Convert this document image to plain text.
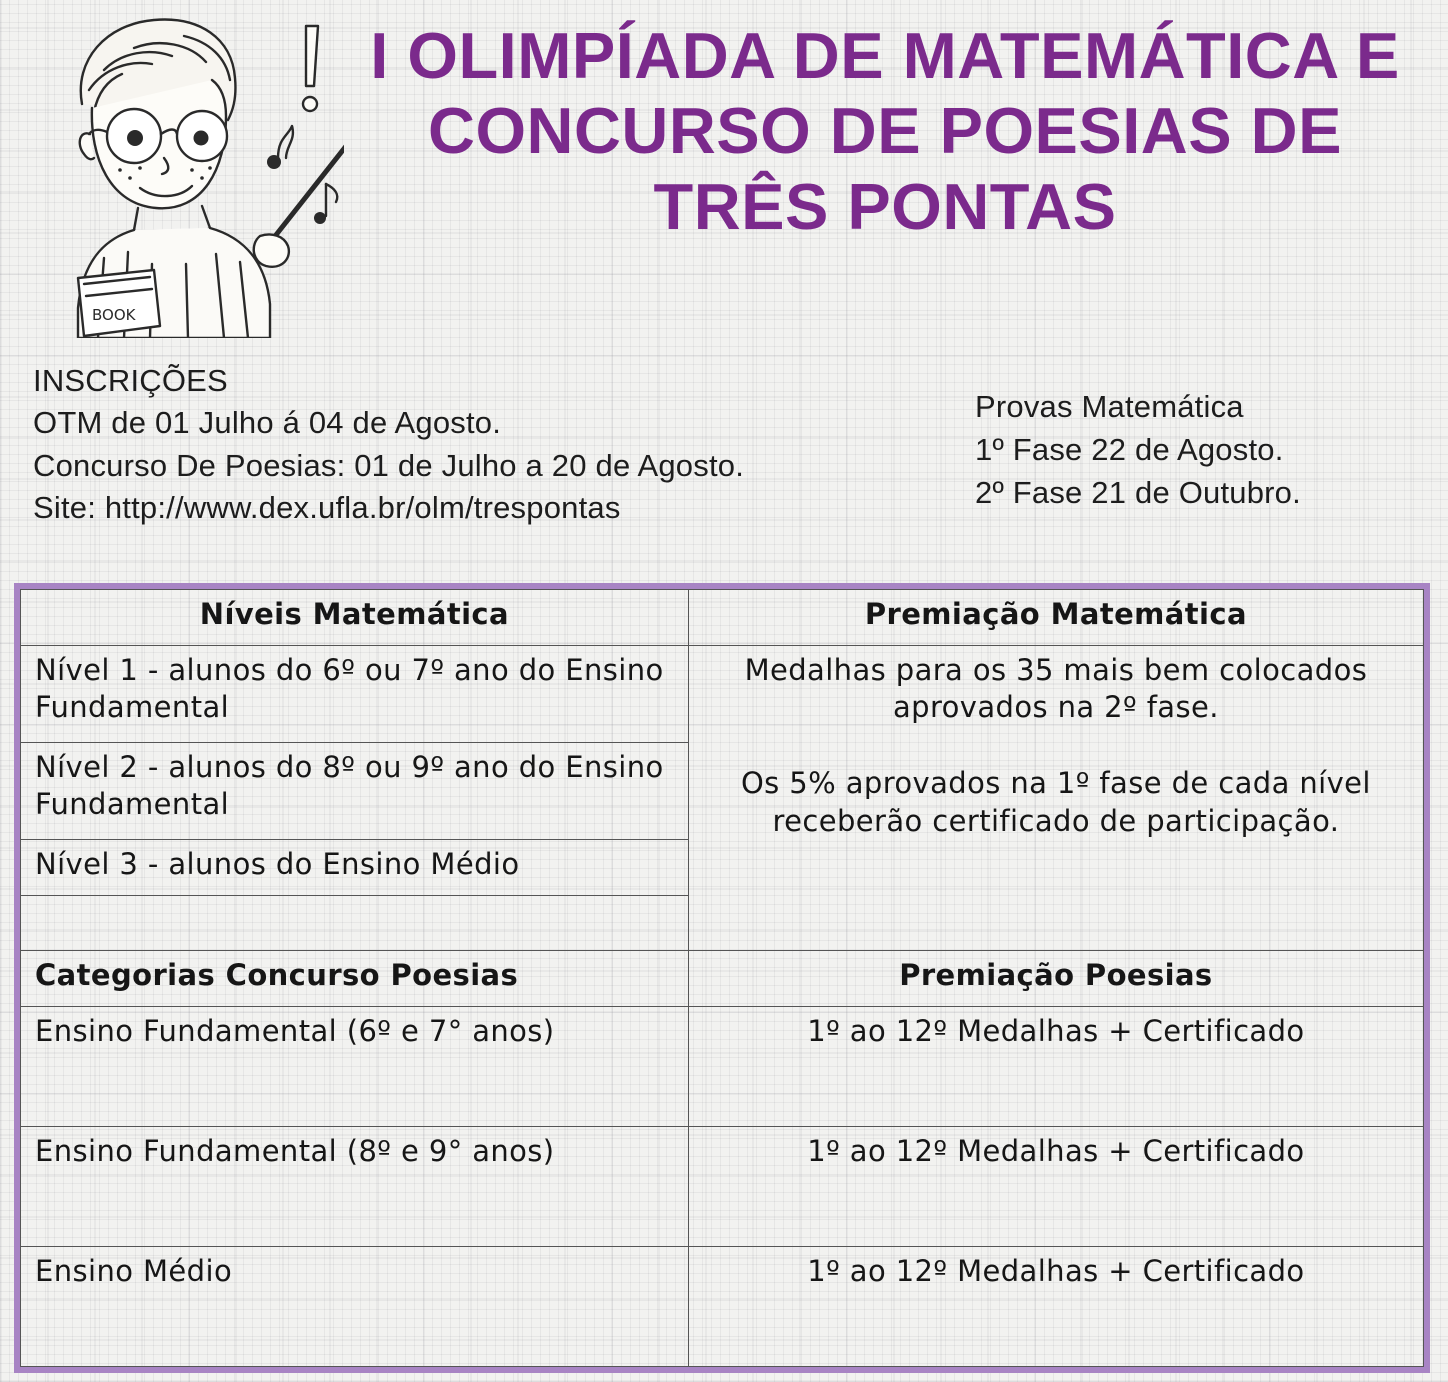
BOOK
I OLIMPÍADA DE MATEMÁTICA E
CONCURSO DE POESIAS DE
TRÊS PONTAS
INSCRIÇÕES
OTM de 01 Julho á 04 de Agosto.
Concurso De Poesias: 01 de Julho a 20 de Agosto.
Site: http://www.dex.ufla.br/olm/trespontas
Provas Matemática
1º Fase 22 de Agosto.
2º Fase 21 de Outubro.
Níveis Matemática	Premiação Matemática
Nível 1 - alunos do 6º ou 7º ano do Ensino Fundamental	Medalhas para os 35 mais bem colocados aprovados na 2º fase.
Os 5% aprovados na 1º fase de cada nível receberão certificado de participação.
Nível 2 - alunos do 8º ou 9º ano do Ensino Fundamental	
Nível 3 - alunos do Ensino Médio	

Categorias Concurso Poesias	Premiação Poesias
Ensino Fundamental (6º e 7° anos)	1º ao 12º Medalhas + Certificado
Ensino Fundamental (8º e 9° anos)	1º ao 12º Medalhas + Certificado
Ensino Médio	1º ao 12º Medalhas + Certificado
